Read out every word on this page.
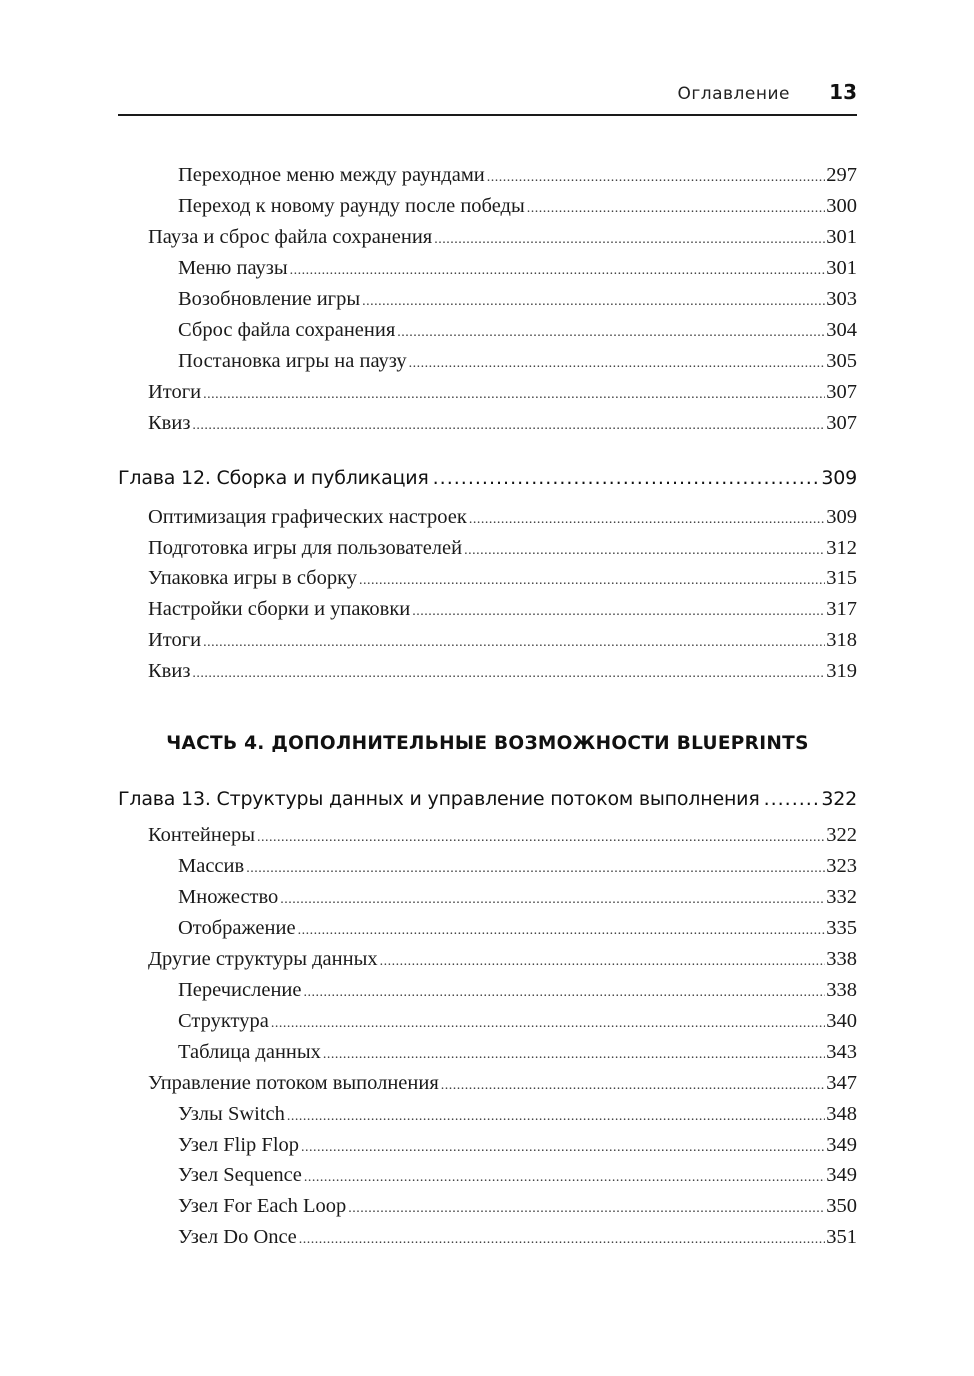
Оглавление 13
Переходное меню между раундами .....	297
Переход к новому раунду после победы .....	300
Пауза и сброс файла сохранения .....	301
Меню паузы .....	301
Возобновление игры .....	303
Сброс файла сохранения .....	304
Постановка игры на паузу .....	305
Итоги .....	307
Квиз .....	307
Глава 12. Сборка и публикация .....	309
Оптимизация графических настроек .....	309
Подготовка игры для пользователей .....	312
Упаковка игры в сборку .....	315
Настройки сборки и упаковки .....	317
Итоги .....	318
Квиз .....	319
ЧАСТЬ 4. ДОПОЛНИТЕЛЬНЫЕ ВОЗМОЖНОСТИ BLUEPRINTS
Глава 13. Структуры данных и управление потоком выполнения .....	322
Контейнеры .....	322
Массив .....	323
Множество .....	332
Отображение .....	335
Другие структуры данных .....	338
Перечисление .....	338
Структура .....	340
Таблица данных .....	343
Управление потоком выполнения .....	347
Узлы Switch .....	348
Узел Flip Flop .....	349
Узел Sequence .....	349
Узел For Each Loop .....	350
Узел Do Once .....	351
